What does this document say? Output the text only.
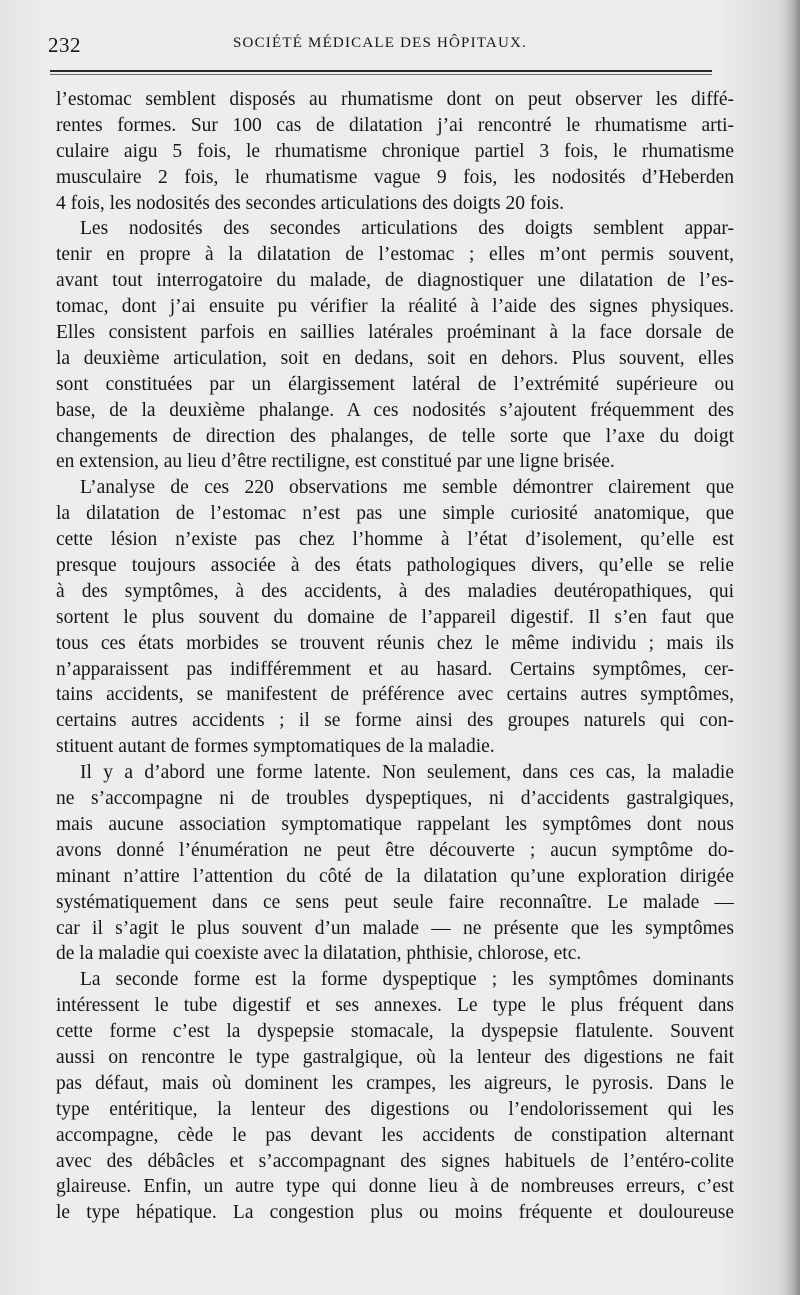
232	SOCIÉTÉ MÉDICALE DES HÔPITAUX.
l’estomac semblent disposés au rhumatisme dont on peut observer les diffé-
rentes formes. Sur 100 cas de dilatation j’ai rencontré le rhumatisme arti-
culaire aigu 5 fois, le rhumatisme chronique partiel 3 fois, le rhumatisme
musculaire 2 fois, le rhumatisme vague 9 fois, les nodosités d’Heberden
4 fois, les nodosités des secondes articulations des doigts 20 fois.
Les nodosités des secondes articulations des doigts semblent appar-
tenir en propre à la dilatation de l’estomac ; elles m’ont permis souvent,
avant tout interrogatoire du malade, de diagnostiquer une dilatation de l’es-
tomac, dont j’ai ensuite pu vérifier la réalité à l’aide des signes physiques.
Elles consistent parfois en saillies latérales proéminant à la face dorsale de
la deuxième articulation, soit en dedans, soit en dehors. Plus souvent, elles
sont constituées par un élargissement latéral de l’extrémité supérieure ou
base, de la deuxième phalange. A ces nodosités s’ajoutent fréquemment des
changements de direction des phalanges, de telle sorte que l’axe du doigt
en extension, au lieu d’être rectiligne, est constitué par une ligne brisée.
L’analyse de ces 220 observations me semble démontrer clairement que
la dilatation de l’estomac n’est pas une simple curiosité anatomique, que
cette lésion n’existe pas chez l’homme à l’état d’isolement, qu’elle est
presque toujours associée à des états pathologiques divers, qu’elle se relie
à des symptômes, à des accidents, à des maladies deutéropathiques, qui
sortent le plus souvent du domaine de l’appareil digestif. Il s’en faut que
tous ces états morbides se trouvent réunis chez le même individu ; mais ils
n’apparaissent pas indifféremment et au hasard. Certains symptômes, cer-
tains accidents, se manifestent de préférence avec certains autres symptômes,
certains autres accidents ; il se forme ainsi des groupes naturels qui con-
stituent autant de formes symptomatiques de la maladie.
Il y a d’abord une forme latente. Non seulement, dans ces cas, la maladie
ne s’accompagne ni de troubles dyspeptiques, ni d’accidents gastralgiques,
mais aucune association symptomatique rappelant les symptômes dont nous
avons donné l’énumération ne peut être découverte ; aucun symptôme do-
minant n’attire l’attention du côté de la dilatation qu’une exploration dirigée
systématiquement dans ce sens peut seule faire reconnaître. Le malade —
car il s’agit le plus souvent d’un malade — ne présente que les symptômes
de la maladie qui coexiste avec la dilatation, phthisie, chlorose, etc.
La seconde forme est la forme dyspeptique ; les symptômes dominants
intéressent le tube digestif et ses annexes. Le type le plus fréquent dans
cette forme c’est la dyspepsie stomacale, la dyspepsie flatulente. Souvent
aussi on rencontre le type gastralgique, où la lenteur des digestions ne fait
pas défaut, mais où dominent les crampes, les aigreurs, le pyrosis. Dans le
type entéritique, la lenteur des digestions ou l’endolorissement qui les
accompagne, cède le pas devant les accidents de constipation alternant
avec des débâcles et s’accompagnant des signes habituels de l’entéro-colite
glaireuse. Enfin, un autre type qui donne lieu à de nombreuses erreurs, c’est
le type hépatique. La congestion plus ou moins fréquente et douloureuse
